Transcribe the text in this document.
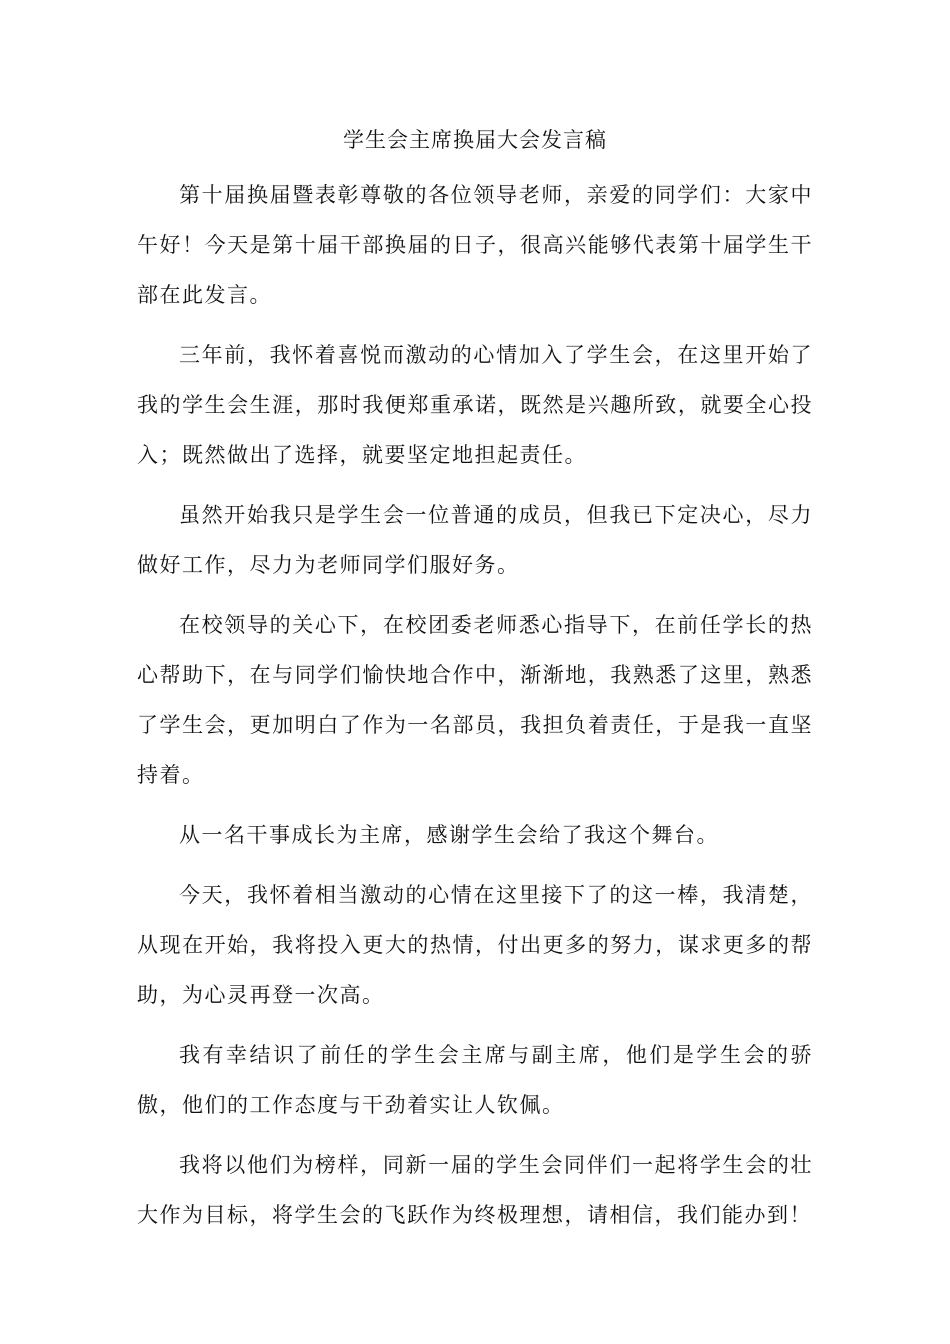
学生会主席换届大会发言稿

第十届换届暨表彰尊敬的各位领导老师，亲爱的同学们：大家中午好！今天是第十届干部换届的日子，很高兴能够代表第十届学生干部在此发言。

三年前，我怀着喜悦而激动的心情加入了学生会，在这里开始了我的学生会生涯，那时我便郑重承诺，既然是兴趣所致，就要全心投入；既然做出了选择，就要坚定地担起责任。

虽然开始我只是学生会一位普通的成员，但我已下定决心，尽力做好工作，尽力为老师同学们服好务。

在校领导的关心下，在校团委老师悉心指导下，在前任学长的热心帮助下，在与同学们愉快地合作中，渐渐地，我熟悉了这里，熟悉了学生会，更加明白了作为一名部员，我担负着责任，于是我一直坚持着。

从一名干事成长为主席，感谢学生会给了我这个舞台。

今天，我怀着相当激动的心情在这里接下了的这一棒，我清楚，从现在开始，我将投入更大的热情，付出更多的努力，谋求更多的帮助，为心灵再登一次高。

我有幸结识了前任的学生会主席与副主席，他们是学生会的骄傲，他们的工作态度与干劲着实让人钦佩。

我将以他们为榜样，同新一届的学生会同伴们一起将学生会的壮大作为目标，将学生会的飞跃作为终极理想，请相信，我们能办到！
